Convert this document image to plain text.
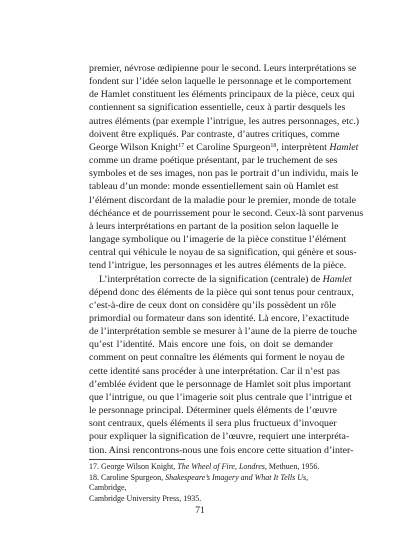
premier, névrose œdipienne pour le second. Leurs interprétations se
fondent sur l’idée selon laquelle le personnage et le comportement
de Hamlet constituent les éléments principaux de la pièce, ceux qui
contiennent sa signification essentielle, ceux à partir desquels les
autres éléments (par exemple l’intrigue, les autres personnages, etc.)
doivent être expliqués. Par contraste, d’autres critiques, comme
George Wilson Knight$^{17}$ et Caroline Spurgeon$^{18}$, interprètent Hamlet
comme un drame poétique présentant, par le truchement de ses
symboles et de ses images, non pas le portrait d’un individu, mais le
tableau d’un monde: monde essentiellement sain où Hamlet est
l’élément discordant de la maladie pour le premier, monde de totale
déchéance et de pourrissement pour le second. Ceux-là sont parvenus
à leurs interprétations en partant de la position selon laquelle le
langage symbolique ou l’imagerie de la pièce constitue l’élément
central qui véhicule le noyau de sa signification, qui génère et sous-
tend l’intrigue, les personnages et les autres éléments de la pièce.

L’interprétation correcte de la signification (centrale) de Hamlet
dépend donc des éléments de la pièce qui sont tenus pour centraux,
c’est-à-dire de ceux dont on considère qu’ils possèdent un rôle
primordial ou formateur dans son identité. Là encore, l’exactitude
de l’interprétation semble se mesurer à l’aune de la pierre de touche
qu’est l’identité. Mais encore une fois, on doit se demander
comment on peut connaître les éléments qui forment le noyau de
cette identité sans procéder à une interprétation. Car il n’est pas
d’emblée évident que le personnage de Hamlet soit plus important
que l’intrigue, ou que l’imagerie soit plus centrale que l’intrigue et
le personnage principal. Déterminer quels éléments de l’œuvre
sont centraux, quels éléments il sera plus fructueux d’invoquer
pour expliquer la signification de l’œuvre, requiert une interpréta-
tion. Ainsi rencontrons-nous une fois encore cette situation d’inter-

17. George Wilson Knight, The Wheel of Fire, Londres, Methuen, 1956.

18. Caroline Spurgeon, Shakespeare’s Imagery and What It Tells Us, Cambridge,
Cambridge University Press, 1935.

71
